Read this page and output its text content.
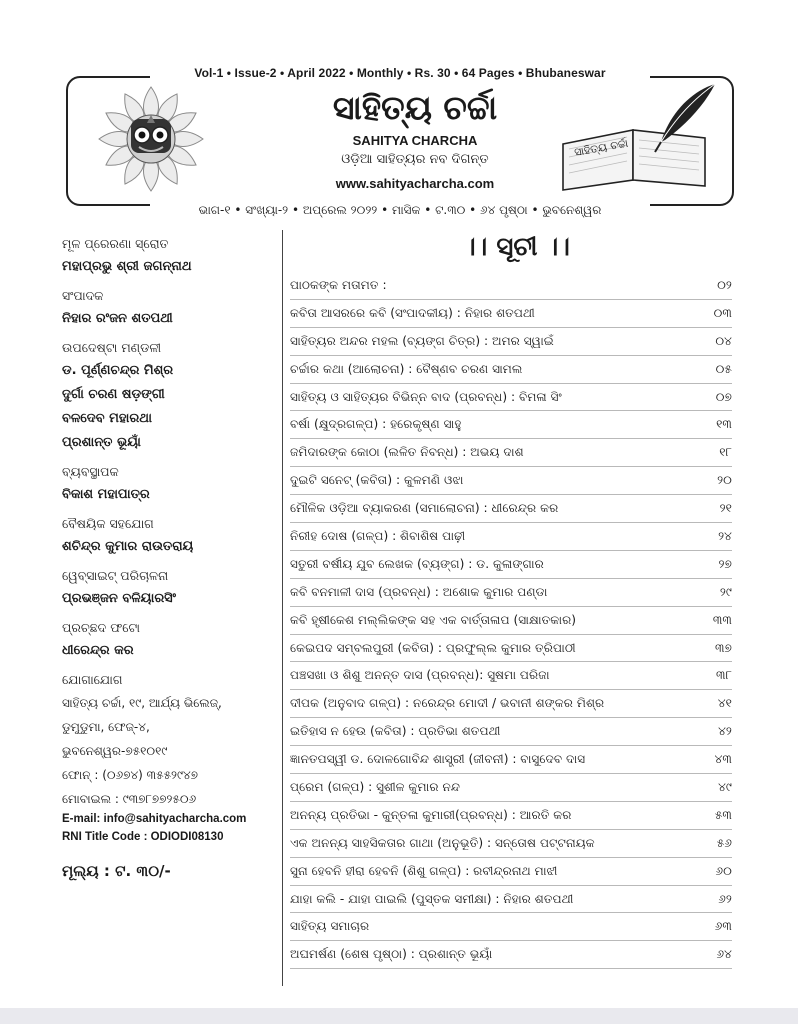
Vol-1 • Issue-2 • April 2022 • Monthly • Rs. 30 • 64 Pages • Bhubaneswar
ସାହିତ୍ୟ ଚର୍ଚ୍ଚା
SAHITYA CHARCHA
ଓଡ଼ିଆ ସାହିତ୍ୟର ନବ ଦିଗନ୍ତ
www.sahityacharcha.com
ସାହିତ୍ୟ ଚର୍ଚ୍ଚା
ଭାଗ-୧ • ସଂଖ୍ୟା-୨ • ଅପ୍ରେଲ ୨୦୨୨ • ମାସିକ • ଟ.୩୦ • ୬୪ ପୃଷ୍ଠା • ଭୁବନେଶ୍ୱର
ମୂଳ ପ୍ରେରଣା ସ୍ରୋତ
ମହାପ୍ରଭୁ ଶ୍ରୀ ଜଗନ୍ନାଥ
ସଂପାଦକ
ନିହାର ରଂଜନ ଶତପଥୀ
ଉପଦେଷ୍ଟା ମଣ୍ଡଳୀ
ଡ. ପୂର୍ଣ୍ଣଚନ୍ଦ୍ର ମିଶ୍ର
ଦୁର୍ଗା ଚରଣ ଷଡ଼ଙ୍ଗୀ
ବଳଦେବ ମହାରଥା
ପ୍ରଶାନ୍ତ ଭୂୟାଁ
ବ୍ୟବସ୍ଥାପକ
ବିକାଶ ମହାପାତ୍ର
ବୈଷୟିକ ସହଯୋଗ
ଶଚିନ୍ଦ୍ର କୁମାର ରାଉତରାୟ
ୱେବ୍‌ସାଇଟ୍ ପରିଚାଳନା
ପ୍ରଭଞ୍ଜନ ବଳିୟାରସିଂ
ପ୍ରଚ୍ଛଦ ଫଟୋ
ଧୀରେନ୍ଦ୍ର କର
ଯୋଗାଯୋଗ
ସାହିତ୍ୟ ଚର୍ଚ୍ଚା, ୧୯, ଆର୍ଯ୍ୟ ଭିଲେଜ୍,
ଡୁମୁଡୁମା, ଫେଜ୍-୪,
ଭୁବନେଶ୍ୱର-୭୫୧୦୧୯
ଫୋନ୍ : (୦୬୭୪) ୩୫୫୨୯୪୭
ମୋବାଇଲ : ୯୩୭୮୭୭୨୫୦୬
E-mail: info@sahityacharcha.com
RNI Title Code : ODIODI08130
ମୂଲ୍ୟ : ଟ. ୩୦/-
।। ସୂଚୀ ।।
ପାଠକଙ୍କ ମତାମତ :	୦୨
କବିତା ଆସରରେ କବି (ସଂପାଦକୀୟ) : ନିହାର ଶତପଥୀ	୦୩
ସାହିତ୍ୟର ଅନ୍ଦର ମହଲ (ବ୍ୟଙ୍ଗ ଚିତ୍ର) : ଅମର ସ୍ୱାଇଁ	୦୪
ଚର୍ଚ୍ଚାର କଥା (ଆଲୋଚନା) : ବୈଷ୍ଣବ ଚରଣ ସାମଲ	୦୫
ସାହିତ୍ୟ ଓ ସାହିତ୍ୟର ବିଭିନ୍ନ ବାଦ (ପ୍ରବନ୍ଧ) : ବିମଳା ସିଂ	୦୭
ବର୍ଷା (କ୍ଷୁଦ୍ରଗଳ୍ପ) : ହରେକୃଷ୍ଣ ସାହୁ	୧୩
ଜମିଦାରଙ୍କ କୋଠା (ଲଳିତ ନିବନ୍ଧ) : ଅଭୟ ଦାଶ	୧୮
ଦୁଇଟି ସନେଟ୍ (କବିତା) : କୁଳମଣି ଓଝା	୨୦
ମୌଳିକ ଓଡ଼ିଆ ବ୍ୟାକରଣ (ସମାଲୋଚନା) : ଧୀରେନ୍ଦ୍ର କର	୨୧
ନିରୀହ ଦୋଷ (ଗଳ୍ପ) : ଶିବାଶିଷ ପାଢ଼ୀ	୨୪
ସତୁରୀ ବର୍ଷୀୟ ଯୁବ ଲେଖକ (ବ୍ୟଙ୍ଗ) : ଡ. କୁଳାଙ୍ଗାର	୨୭
କବି ବନମାଳୀ ଦାସ (ପ୍ରବନ୍ଧ) : ଅଶୋକ କୁମାର ପଣ୍ଡା	୨୯
କବି ହୃଷୀକେଶ ମଲ୍ଲିକଙ୍କ ସହ ଏକ ବାର୍ତ୍ତାଳାପ (ସାକ୍ଷାତକାର)	୩୩
କେଇପଦ ସମ୍ବଲପୁରୀ (କବିତା) : ପ୍ରଫୁଲ୍ଲ କୁମାର ତ୍ରିପାଠୀ	୩୭
ପଞ୍ଚସଖା ଓ ଶିଶୁ ଅନନ୍ତ ଦାସ (ପ୍ରବନ୍ଧ): ସୁଷମା ପରିଜା	୩୮
ଦୀପକ (ଅନୁବାଦ ଗଳ୍ପ) : ନରେନ୍ଦ୍ର ମୋଦୀ / ଭବାନୀ ଶଙ୍କର ମିଶ୍ର	୪୧
ଇତିହାସ ନ ହେଉ (କବିତା) : ପ୍ରତିଭା ଶତପଥୀ	୪୨
ଜ୍ଞାନତପସ୍ୱୀ ଡ. ଦୋଳଗୋବିନ୍ଦ ଶାସ୍ତ୍ରୀ (ଜୀବନୀ) : ବାସୁଦେବ ଦାସ	୪୩
ପ୍ରେମ (ଗଳ୍ପ) : ସୁଶୀଳ କୁମାର ନନ୍ଦ	୪୯
ଅନନ୍ୟ ପ୍ରତିଭା - କୁନ୍ତଳା କୁମାରୀ(ପ୍ରବନ୍ଧ) : ଆରତି କର	୫୩
ଏକ ଅନନ୍ୟ ସାହସିକତାର ଗାଥା (ଅନୁଭୂତି) : ସନ୍ତୋଷ ପଟ୍ଟନାୟକ	୫୬
ସୁନା ହେବନି ହୀରା ହେବନି (ଶିଶୁ ଗଳ୍ପ) : ରବୀନ୍ଦ୍ରନାଥ ମାଝୀ	୬୦
ଯାହା କଲି - ଯାହା ପାଇଲି (ପୁସ୍ତକ ସମୀକ୍ଷା) : ନିହାର ଶତପଥୀ	୬୨
ସାହିତ୍ୟ ସମାଚାର	୬୩
ଅଘମର୍ଷଣ (ଶେଷ ପୃଷ୍ଠା) : ପ୍ରଶାନ୍ତ ଭୂୟାଁ	୬୪
